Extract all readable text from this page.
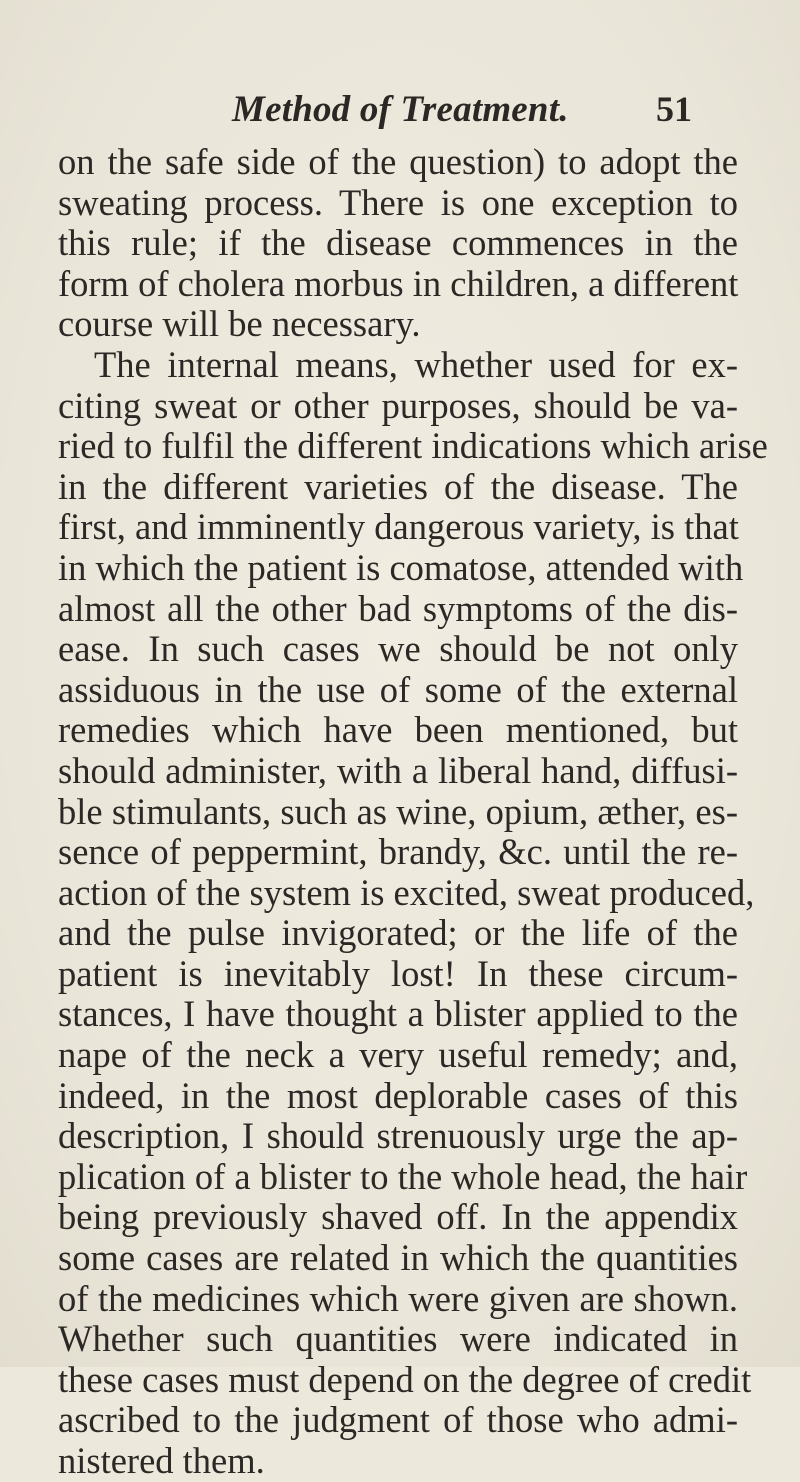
Method of Treatment. 51
on the safe side of the question) to adopt the
sweating process. There is one exception to
this rule; if the disease commences in the
form of cholera morbus in children, a different
course will be necessary.
The internal means, whether used for ex-
citing sweat or other purposes, should be va-
ried to fulfil the different indications which arise
in the different varieties of the disease. The
first, and imminently dangerous variety, is that
in which the patient is comatose, attended with
almost all the other bad symptoms of the dis-
ease. In such cases we should be not only
assiduous in the use of some of the external
remedies which have been mentioned, but
should administer, with a liberal hand, diffusi-
ble stimulants, such as wine, opium, æther, es-
sence of peppermint, brandy, &c. until the re-
action of the system is excited, sweat produced,
and the pulse invigorated; or the life of the
patient is inevitably lost! In these circum-
stances, I have thought a blister applied to the
nape of the neck a very useful remedy; and,
indeed, in the most deplorable cases of this
description, I should strenuously urge the ap-
plication of a blister to the whole head, the hair
being previously shaved off. In the appendix
some cases are related in which the quantities
of the medicines which were given are shown.
Whether such quantities were indicated in
these cases must depend on the degree of credit
ascribed to the judgment of those who admi-
nistered them.
